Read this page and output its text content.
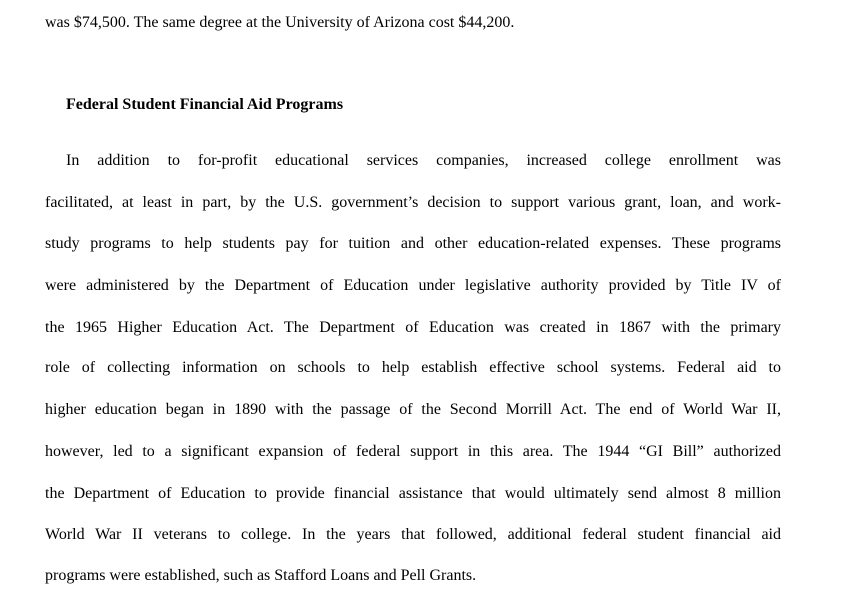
was $74,500. The same degree at the University of Arizona cost $44,200.
Federal Student Financial Aid Programs
In addition to for-profit educational services companies, increased college enrollment was
facilitated, at least in part, by the U.S. government’s decision to support various grant, loan, and work-
study programs to help students pay for tuition and other education-related expenses. These programs
were administered by the Department of Education under legislative authority provided by Title IV of
the 1965 Higher Education Act. The Department of Education was created in 1867 with the primary
role of collecting information on schools to help establish effective school systems. Federal aid to
higher education began in 1890 with the passage of the Second Morrill Act. The end of World War II,
however, led to a significant expansion of federal support in this area. The 1944 “GI Bill” authorized
the Department of Education to provide financial assistance that would ultimately send almost 8 million
World War II veterans to college. In the years that followed, additional federal student financial aid
programs were established, such as Stafford Loans and Pell Grants.
